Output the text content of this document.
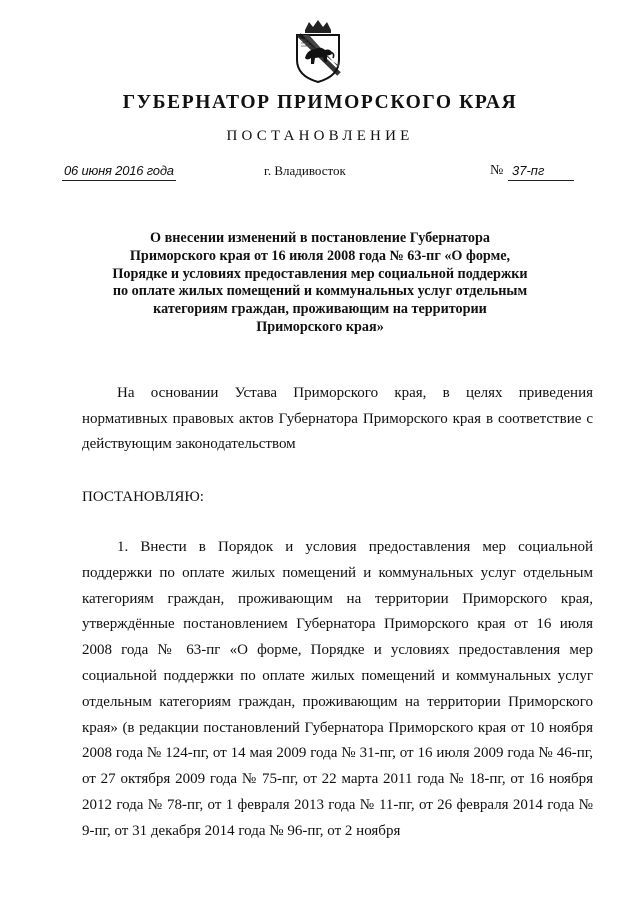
ГУБЕРНАТОР ПРИМОРСКОГО КРАЯ
ПОСТАНОВЛЕНИЕ
06 июня 2016 года	г. Владивосток	№ 37-пг
О внесении изменений в постановление Губернатора Приморского края от 16 июля 2008 года № 63-пг «О форме, Порядке и условиях предоставления мер социальной поддержки по оплате жилых помещений и коммунальных услуг отдельным категориям граждан, проживающим на территории Приморского края»
На основании Устава Приморского края, в целях приведения нормативных правовых актов Губернатора Приморского края в соответствие с действующим законодательством
ПОСТАНОВЛЯЮ:
1. Внести в Порядок и условия предоставления мер социальной поддержки по оплате жилых помещений и коммунальных услуг отдельным категориям граждан, проживающим на территории Приморского края, утверждённые постановлением Губернатора Приморского края от 16 июля 2008 года № 63-пг «О форме, Порядке и условиях предоставления мер социальной поддержки по оплате жилых помещений и коммунальных услуг отдельным категориям граждан, проживающим на территории Приморского края» (в редакции постановлений Губернатора Приморского края от 10 ноября 2008 года № 124-пг, от 14 мая 2009 года № 31-пг, от 16 июля 2009 года № 46-пг, от 27 октября 2009 года № 75-пг, от 22 марта 2011 года № 18-пг, от 16 ноября 2012 года № 78-пг, от 1 февраля 2013 года № 11-пг, от 26 февраля 2014 года № 9-пг, от 31 декабря 2014 года № 96-пг, от 2 ноября
